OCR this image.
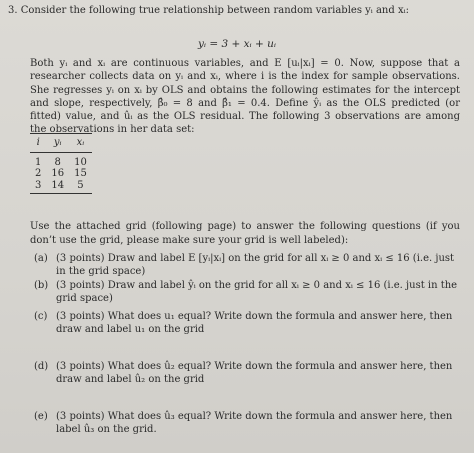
3. Consider the following true relationship between random variables yᵢ and xᵢ:
yᵢ = 3 + xᵢ + uᵢ
Both yᵢ and xᵢ are continuous variables, and E [uᵢ|xᵢ] = 0. Now, suppose that a researcher collects data on yᵢ and xᵢ, where i is the index for sample observations. She regresses yᵢ on xᵢ by OLS and obtains the following estimates for the intercept and slope, respectively, β̂₀ = 8 and β̂₁ = 0.4. Define ŷᵢ as the OLS predicted (or fitted) value, and ûᵢ as the OLS residual. The following 3 observations are among the observations in her data set:
i	yᵢ	xᵢ
1	8	10
2	16	15
3	14	5
Use the attached grid (following page) to answer the following questions (if you don’t use the grid, please make sure your grid is well labeled):
(a) (3 points) Draw and label E [yᵢ|xᵢ] on the grid for all xᵢ ≥ 0 and xᵢ ≤ 16 (i.e. just in the grid space)
(b) (3 points) Draw and label ŷᵢ on the grid for all xᵢ ≥ 0 and xᵢ ≤ 16 (i.e. just in the grid space)
(c) (3 points) What does u₁ equal? Write down the formula and answer here, then draw and label u₁ on the grid
(d) (3 points) What does û₂ equal? Write down the formula and answer here, then draw and label û₂ on the grid
(e) (3 points) What does û₃ equal? Write down the formula and answer here, then label û₃ on the grid.
